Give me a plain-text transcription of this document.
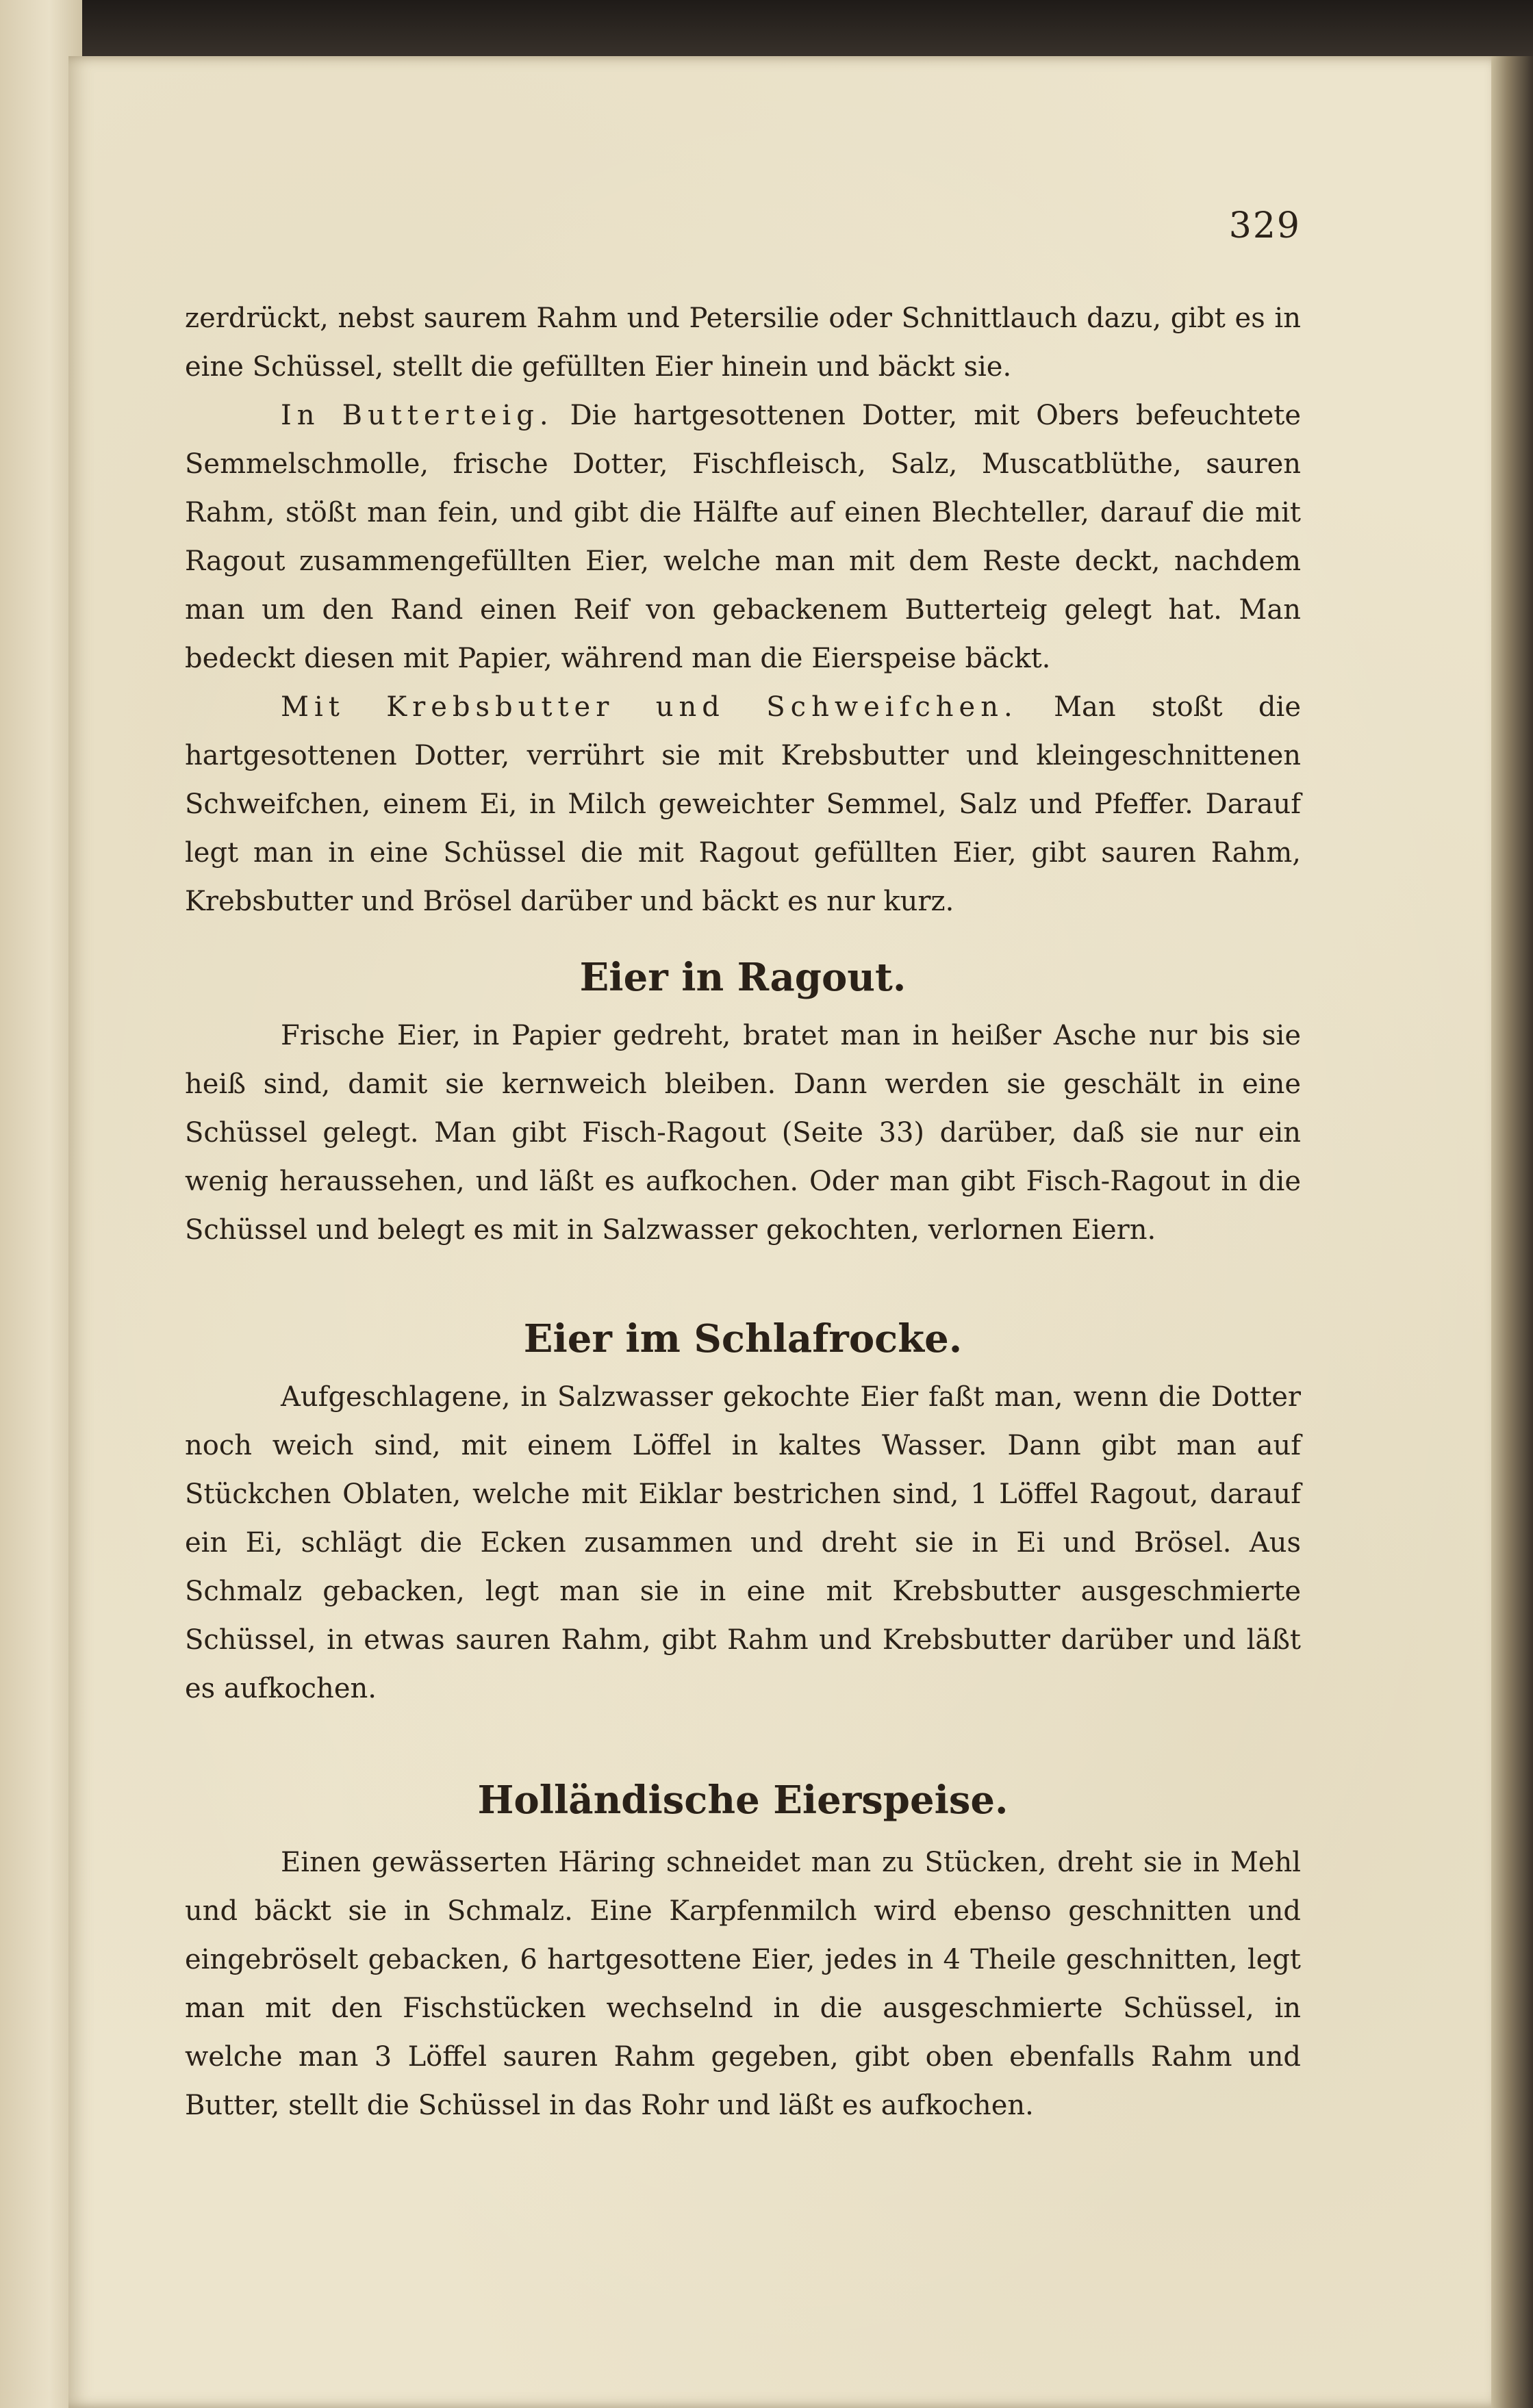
329

zerdrückt, nebst saurem Rahm und Petersilie oder Schnittlauch dazu, gibt es in eine Schüssel, stellt die gefüllten Eier hinein und bäckt sie.

In Butterteig. Die hartgesottenen Dotter, mit Obers befeuchtete Semmelschmolle, frische Dotter, Fischfleisch, Salz, Muscatblüthe, sauren Rahm, stößt man fein, und gibt die Hälfte auf einen Blechteller, darauf die mit Ragout zusammengefüllten Eier, welche man mit dem Reste deckt, nachdem man um den Rand einen Reif von gebackenem Butterteig gelegt hat. Man bedeckt diesen mit Papier, während man die Eierspeise bäckt.

Mit Krebsbutter und Schweifchen. Man stoßt die hartgesottenen Dotter, verrührt sie mit Krebsbutter und kleingeschnittenen Schweifchen, einem Ei, in Milch geweichter Semmel, Salz und Pfeffer. Darauf legt man in eine Schüssel die mit Ragout gefüllten Eier, gibt sauren Rahm, Krebsbutter und Brösel darüber und bäckt es nur kurz.

Eier in Ragout.

Frische Eier, in Papier gedreht, bratet man in heißer Asche nur bis sie heiß sind, damit sie kernweich bleiben. Dann werden sie geschält in eine Schüssel gelegt. Man gibt Fisch-Ragout (Seite 33) darüber, daß sie nur ein wenig heraussehen, und läßt es aufkochen. Oder man gibt Fisch-Ragout in die Schüssel und belegt es mit in Salzwasser gekochten, verlornen Eiern.

Eier im Schlafrocke.

Aufgeschlagene, in Salzwasser gekochte Eier faßt man, wenn die Dotter noch weich sind, mit einem Löffel in kaltes Wasser. Dann gibt man auf Stückchen Oblaten, welche mit Eiklar bestrichen sind, 1 Löffel Ragout, darauf ein Ei, schlägt die Ecken zusammen und dreht sie in Ei und Brösel. Aus Schmalz gebacken, legt man sie in eine mit Krebsbutter ausgeschmierte Schüssel, in etwas sauren Rahm, gibt Rahm und Krebsbutter darüber und läßt es aufkochen.

Holländische Eierspeise.

Einen gewässerten Häring schneidet man zu Stücken, dreht sie in Mehl und bäckt sie in Schmalz. Eine Karpfenmilch wird ebenso geschnitten und eingebröselt gebacken, 6 hartgesottene Eier, jedes in 4 Theile geschnitten, legt man mit den Fischstücken wechselnd in die ausgeschmierte Schüssel, in welche man 3 Löffel sauren Rahm gegeben, gibt oben ebenfalls Rahm und Butter, stellt die Schüssel in das Rohr und läßt es aufkochen.
